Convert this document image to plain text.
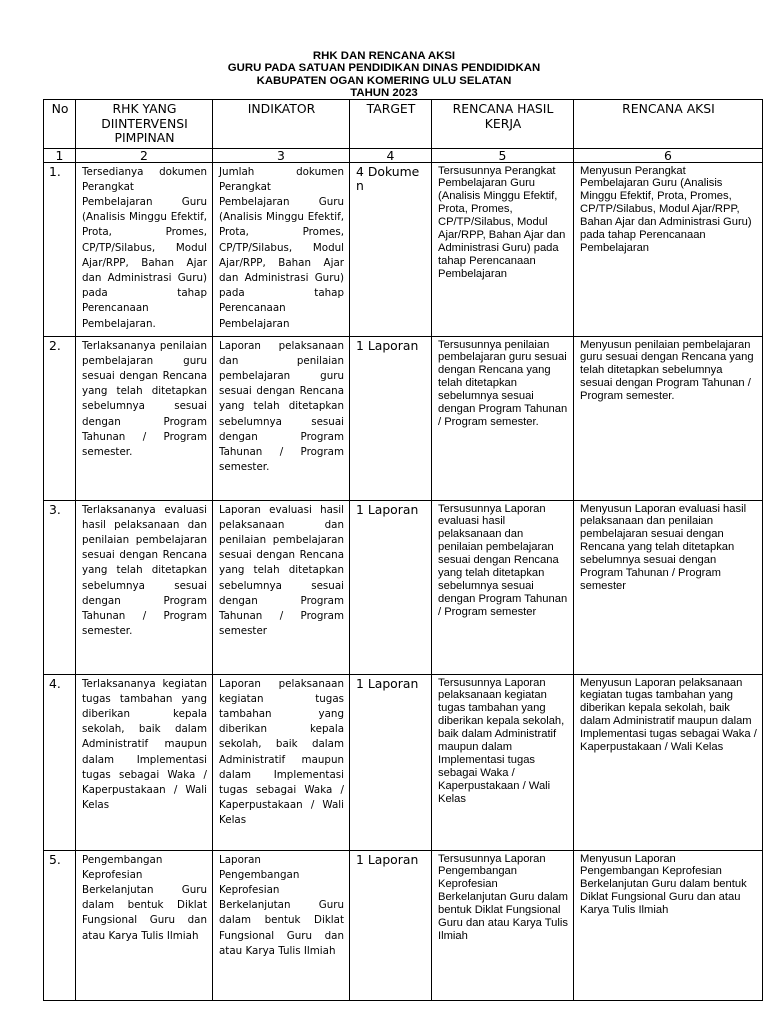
RHK DAN RENCANA AKSI
GURU PADA SATUAN PENDIDIKAN DINAS PENDIDIDKAN
KABUPATEN OGAN KOMERING ULU SELATAN
TAHUN 2023
No	RHK YANG DIINTERVENSI PIMPINAN	INDIKATOR	TARGET	RENCANA HASIL KERJA	RENCANA AKSI
1	2	3	4	5	6
1.	Tersedianya dokumen Perangkat Pembelajaran Guru (Analisis Minggu Efektif, Prota, Promes, CP/TP/Silabus, Modul Ajar/RPP, Bahan Ajar dan Administrasi Guru) pada tahap Perencanaan Pembelajaran.	Jumlah dokumen Perangkat Pembelajaran Guru (Analisis Minggu Efektif, Prota, Promes, CP/TP/Silabus, Modul Ajar/RPP, Bahan Ajar dan Administrasi Guru) pada tahap Perencanaan Pembelajaran	4 Dokumen	Tersusunnya Perangkat Pembelajaran Guru (Analisis Minggu Efektif, Prota, Promes, CP/TP/Silabus, Modul Ajar/RPP, Bahan Ajar dan Administrasi Guru) pada tahap Perencanaan Pembelajaran	Menyusun Perangkat Pembelajaran Guru (Analisis Minggu Efektif, Prota, Promes, CP/TP/Silabus, Modul Ajar/RPP, Bahan Ajar dan Administrasi Guru) pada tahap Perencanaan Pembelajaran
2.	Terlaksananya penilaian pembelajaran guru sesuai dengan Rencana yang telah ditetapkan sebelumnya sesuai dengan Program Tahunan / Program semester.	Laporan pelaksanaan dan penilaian pembelajaran guru sesuai dengan Rencana yang telah ditetapkan sebelumnya sesuai dengan Program Tahunan / Program semester.	1 Laporan	Tersusunnya penilaian pembelajaran guru sesuai dengan Rencana yang telah ditetapkan sebelumnya sesuai dengan Program Tahunan / Program semester.	Menyusun penilaian pembelajaran guru sesuai dengan Rencana yang telah ditetapkan sebelumnya sesuai dengan Program Tahunan / Program semester.
3.	Terlaksananya evaluasi hasil pelaksanaan dan penilaian pembelajaran sesuai dengan Rencana yang telah ditetapkan sebelumnya sesuai dengan Program Tahunan / Program semester.	Laporan evaluasi hasil pelaksanaan dan penilaian pembelajaran sesuai dengan Rencana yang telah ditetapkan sebelumnya sesuai dengan Program Tahunan / Program semester	1 Laporan	Tersusunnya Laporan evaluasi hasil pelaksanaan dan penilaian pembelajaran sesuai dengan Rencana yang telah ditetapkan sebelumnya sesuai dengan Program Tahunan / Program semester	Menyusun Laporan evaluasi hasil pelaksanaan dan penilaian pembelajaran sesuai dengan Rencana yang telah ditetapkan sebelumnya sesuai dengan Program Tahunan / Program semester
4.	Terlaksananya kegiatan tugas tambahan yang diberikan kepala sekolah, baik dalam Administratif maupun dalam Implementasi tugas sebagai Waka / Kaperpustakaan / Wali Kelas	Laporan pelaksanaan kegiatan tugas tambahan yang diberikan kepala sekolah, baik dalam Administratif maupun dalam Implementasi tugas sebagai Waka / Kaperpustakaan / Wali Kelas	1 Laporan	Tersusunnya Laporan pelaksanaan kegiatan tugas tambahan yang diberikan kepala sekolah, baik dalam Administratif maupun dalam Implementasi tugas sebagai Waka / Kaperpustakaan / Wali Kelas	Menyusun Laporan pelaksanaan kegiatan tugas tambahan yang diberikan kepala sekolah, baik dalam Administratif maupun dalam Implementasi tugas sebagai Waka / Kaperpustakaan / Wali Kelas
5.	Pengembangan Keprofesian Berkelanjutan Guru dalam bentuk Diklat Fungsional Guru dan atau Karya Tulis Ilmiah	Laporan Pengembangan Keprofesian Berkelanjutan Guru dalam bentuk Diklat Fungsional Guru dan atau Karya Tulis Ilmiah	1 Laporan	Tersusunnya Laporan Pengembangan Keprofesian Berkelanjutan Guru dalam bentuk Diklat Fungsional Guru dan atau Karya Tulis Ilmiah	Menyusun Laporan Pengembangan Keprofesian Berkelanjutan Guru dalam bentuk Diklat Fungsional Guru dan atau Karya Tulis Ilmiah
